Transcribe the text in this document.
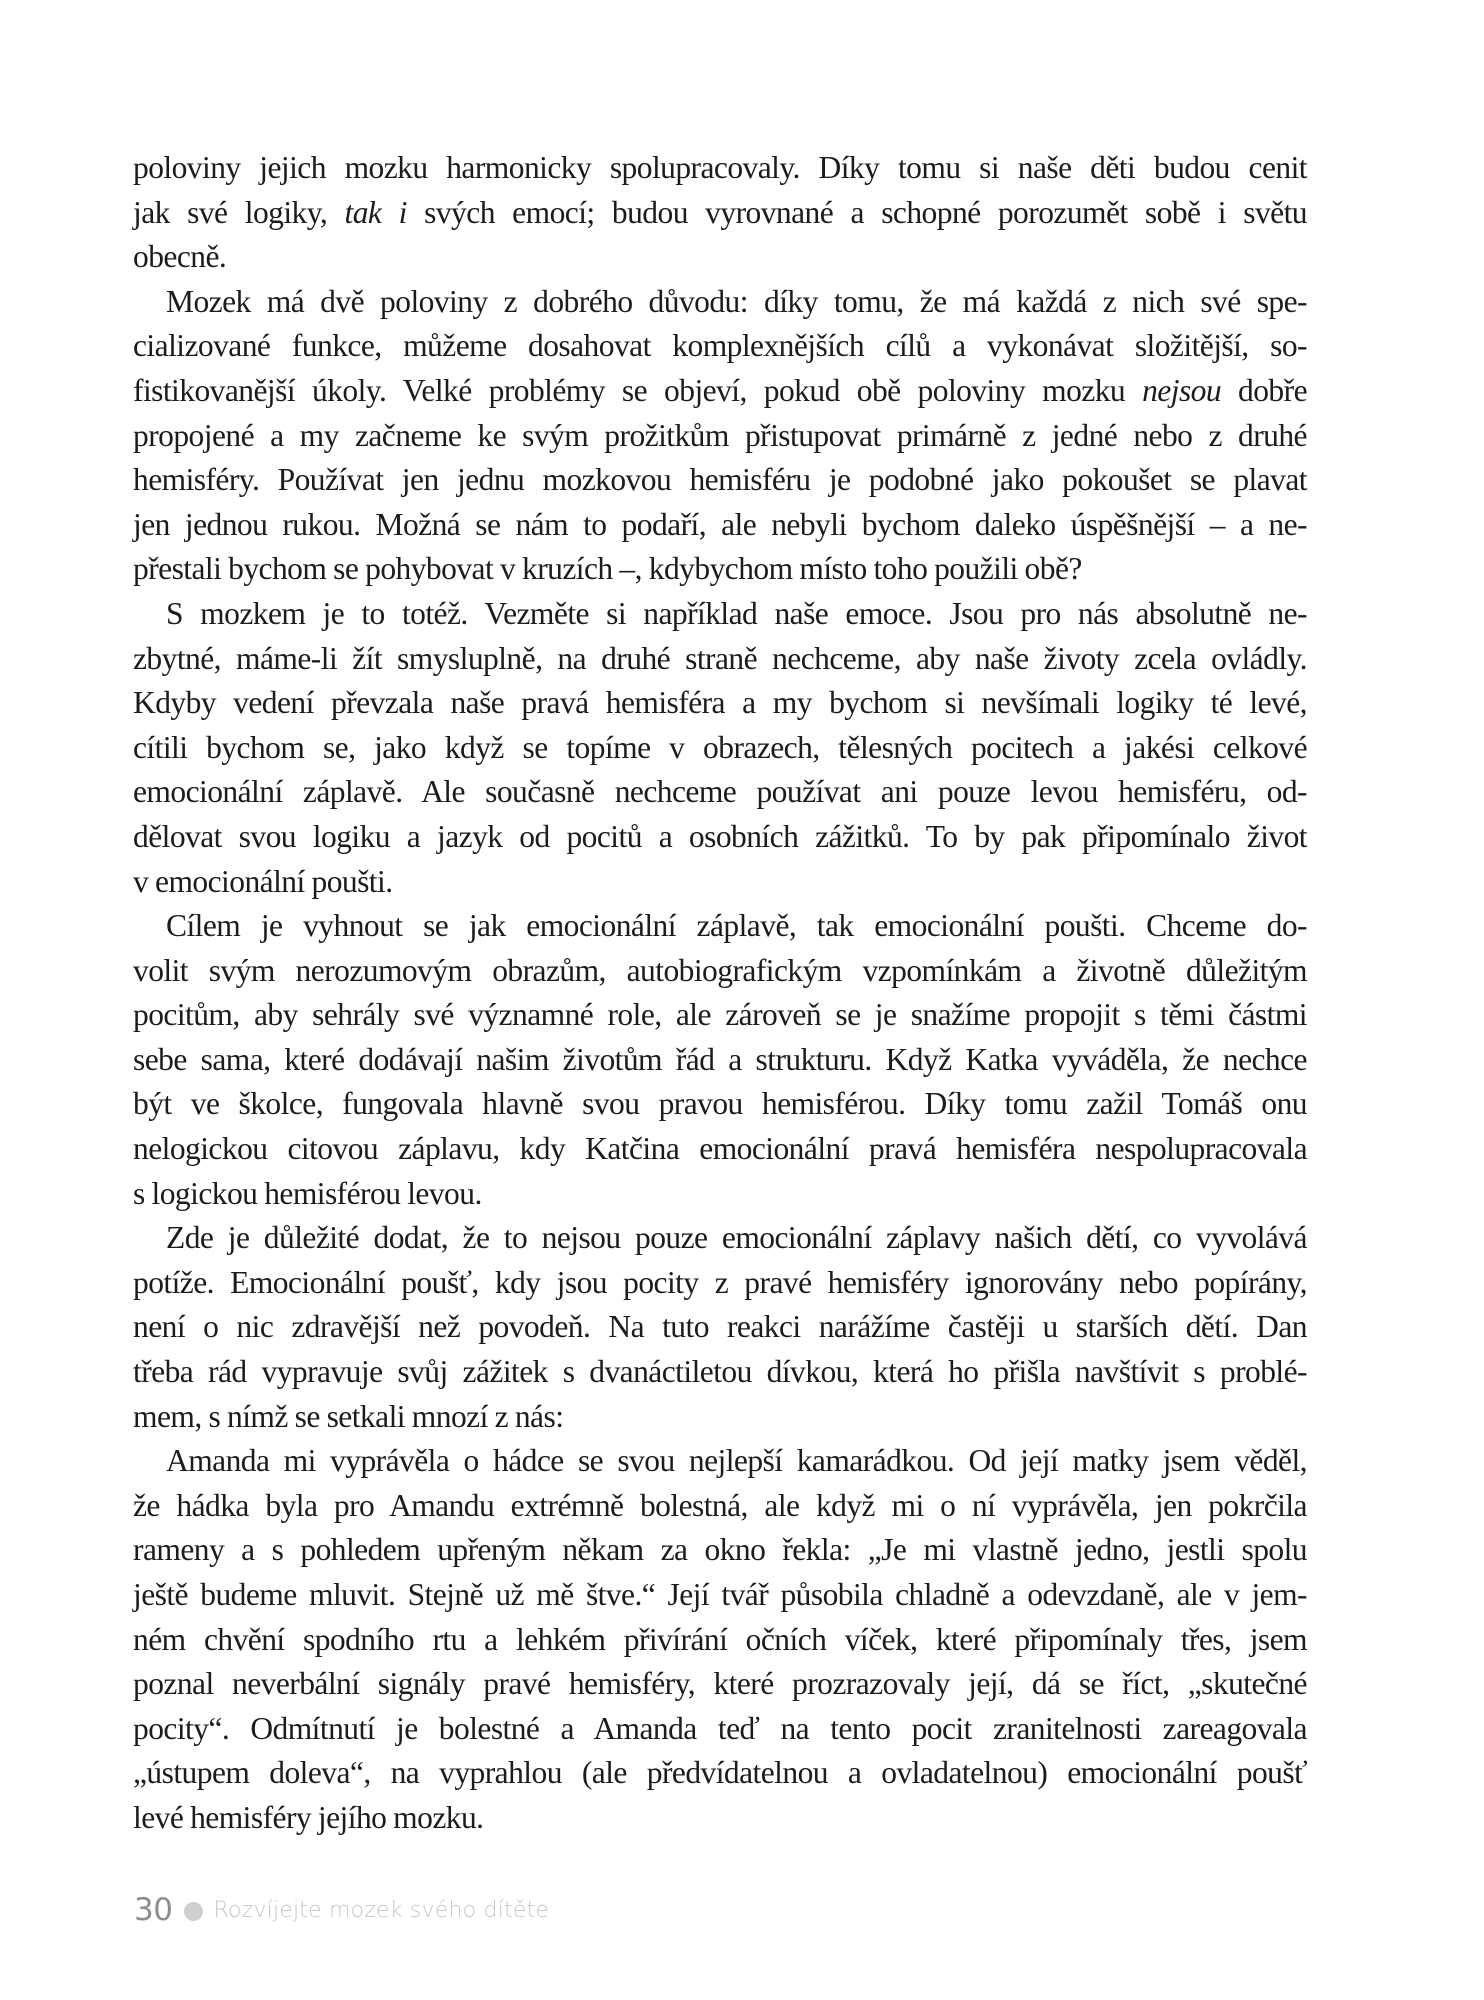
poloviny jejich mozku harmonicky spolupracovaly. Díky tomu si naše děti budou cenit
jak své logiky, tak i svých emocí; budou vyrovnané a schopné porozumět sobě i světu
obecně.
Mozek má dvě poloviny z dobrého důvodu: díky tomu, že má každá z nich své spe-
cializované funkce, můžeme dosahovat komplexnějších cílů a vykonávat složitější, so-
fistikovanější úkoly. Velké problémy se objeví, pokud obě poloviny mozku nejsou dobře
propojené a my začneme ke svým prožitkům přistupovat primárně z jedné nebo z druhé
hemisféry. Používat jen jednu mozkovou hemisféru je podobné jako pokoušet se plavat
jen jednou rukou. Možná se nám to podaří, ale nebyli bychom daleko úspěšnější – a ne-
přestali bychom se pohybovat v kruzích –, kdybychom místo toho použili obě?
S mozkem je to totéž. Vezměte si například naše emoce. Jsou pro nás absolutně ne-
zbytné, máme-li žít smysluplně, na druhé straně nechceme, aby naše životy zcela ovládly.
Kdyby vedení převzala naše pravá hemisféra a my bychom si nevšímali logiky té levé,
cítili bychom se, jako když se topíme v obrazech, tělesných pocitech a jakési celkové
emocionální záplavě. Ale současně nechceme používat ani pouze levou hemisféru, od-
dělovat svou logiku a jazyk od pocitů a osobních zážitků. To by pak připomínalo život
v emocionální poušti.
Cílem je vyhnout se jak emocionální záplavě, tak emocionální poušti. Chceme do-
volit svým nerozumovým obrazům, autobiografickým vzpomínkám a životně důležitým
pocitům, aby sehrály své významné role, ale zároveň se je snažíme propojit s těmi částmi
sebe sama, které dodávají našim životům řád a strukturu. Když Katka vyváděla, že nechce
být ve školce, fungovala hlavně svou pravou hemisférou. Díky tomu zažil Tomáš onu
nelogickou citovou záplavu, kdy Katčina emocionální pravá hemisféra nespolupracovala
s logickou hemisférou levou.
Zde je důležité dodat, že to nejsou pouze emocionální záplavy našich dětí, co vyvolává
potíže. Emocionální poušť, kdy jsou pocity z pravé hemisféry ignorovány nebo popírány,
není o nic zdravější než povodeň. Na tuto reakci narážíme častěji u starších dětí. Dan
třeba rád vypravuje svůj zážitek s dvanáctiletou dívkou, která ho přišla navštívit s problé-
mem, s nímž se setkali mnozí z nás:
Amanda mi vyprávěla o hádce se svou nejlepší kamarádkou. Od její matky jsem věděl,
že hádka byla pro Amandu extrémně bolestná, ale když mi o ní vyprávěla, jen pokrčila
rameny a s pohledem upřeným někam za okno řekla: „Je mi vlastně jedno, jestli spolu
ještě budeme mluvit. Stejně už mě štve.“ Její tvář působila chladně a odevzdaně, ale v jem-
ném chvění spodního rtu a lehkém přivírání očních víček, které připomínaly třes, jsem
poznal neverbální signály pravé hemisféry, které prozrazovaly její, dá se říct, „skutečné
pocity“. Odmítnutí je bolestné a Amanda teď na tento pocit zranitelnosti zareagovala
„ústupem doleva“, na vyprahlou (ale předvídatelnou a ovladatelnou) emocionální poušť
levé hemisféry jejího mozku.
30 Rozvíjejte mozek svého dítěte
